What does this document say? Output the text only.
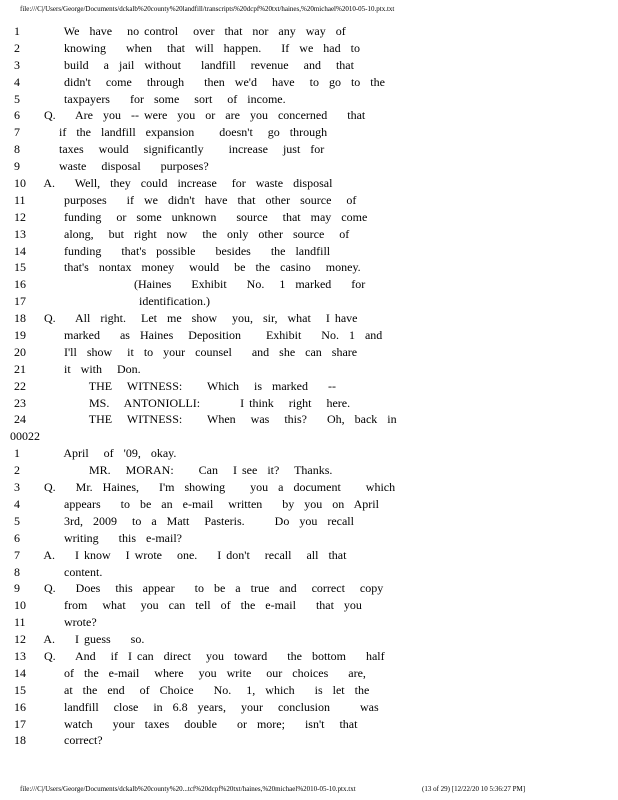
file:///C|/Users/George/Documents/dckalb%20county%20landfill/transcripts%20dcpf%20txt/haines,%20michael%2010-05-10.ptx.txt
1	We  have   no control   over  that  nor  any  way  of
2	knowing    when   that  will  happen.    If  we  had  to
3	build   a  jail  without    landfill   revenue   and   that
4	didn't   come   through    then  we'd   have   to  go  to  the
5	taxpayers    for  some   sort   of  income.
6	Q.    Are  you  -- were  you  or  are  you  concerned    that
7	if  the  landfill  expansion     doesn't   go  through
8	taxes   would   significantly     increase   just  for
9	waste   disposal    purposes?
10 A.    Well,  they  could  increase   for  waste  disposal
11 purposes    if  we  didn't  have  that  other  source   of
12 funding   or  some  unknown    source   that  may  come
13 along,   but  right  now   the  only  other  source   of
14 funding    that's  possible    besides    the  landfill
15 that's  nontax  money   would   be  the  casino   money.
16 (Haines    Exhibit    No.   1  marked    for
17 identification.)
18 Q.    All  right.   Let  me  show   you,  sir,  what   I have
19 marked    as  Haines   Deposition     Exhibit    No.  1  and
20 I'll  show   it  to  your  counsel    and  she  can  share
21 it  with   Don.
22 THE   WITNESS:     Which   is  marked    --
23 MS.   ANTONIOLLI:        I think   right   here.
24 THE   WITNESS:     When   was   this?    Oh,  back  in
00022
1	April   of  '09,  okay.
2	MR.   MORAN:     Can   I see  it?   Thanks.
3	Q.    Mr.  Haines,    I'm  showing     you  a  document     which
4	appears    to  be  an  e-mail   written    by  you  on  April
5	3rd,  2009   to  a  Matt   Pasteris.      Do  you  recall
6	writing    this  e-mail?
7	A.    I know   I wrote   one.    I don't   recall   all  that
8	content.
9	Q.    Does   this  appear    to  be  a  true  and   correct   copy
10 from   what   you  can  tell  of  the  e-mail    that  you
11 wrote?
12 A.    I guess    so.
13 Q.    And   if  I can  direct   you  toward    the  bottom    half
14 of  the  e-mail   where   you  write   our  choices    are,
15 at  the  end   of  Choice    No.   1,  which    is  let  the
16 landfill   close   in  6.8  years,   your   conclusion      was
17 watch    your  taxes   double    or  more;    isn't   that
18 correct?
file:///C|/Users/George/Documents/dckalb%20county%20...tcf%20dcpf%20txt/haines,%20michael%2010-05-10.ptx.txt	(13 of 29) [12/22/20 10 5:36:27 PM]
